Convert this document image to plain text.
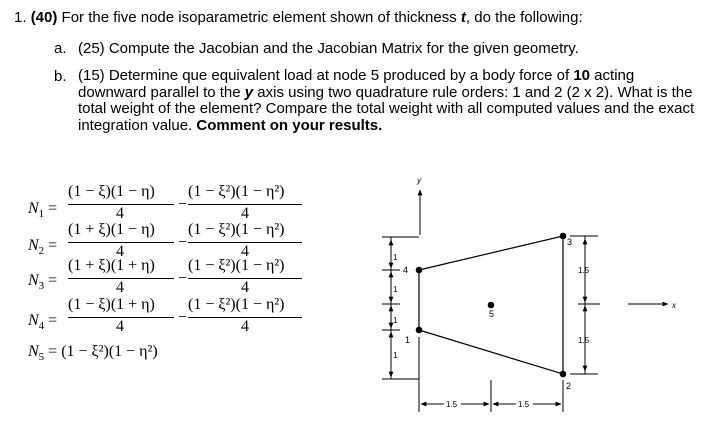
1. (40) For the five node isoparametric element shown of thickness t, do the following:
a. (25) Compute the Jacobian and the Jacobian Matrix for the given geometry.
b. (15) Determine que equivalent load at node 5 produced by a body force of 10 acting downward parallel to the y axis using two quadrature rule orders: 1 and 2 (2 x 2). What is the total weight of the element? Compare the total weight with all computed values and the exact integration value. Comment on your results.
$N_1$ =
(1 − ξ)(1 − η)
4
−
(1 − ξ²)(1 − η²)
4
$N_2$ =
(1 + ξ)(1 − η)
4
−
(1 − ξ²)(1 − η²)
4
$N_3$ =
(1 + ξ)(1 + η)
4
−
(1 − ξ²)(1 − η²)
4
$N_4$ =
(1 − ξ)(1 + η)
4
−
(1 − ξ²)(1 − η²)
4
$N_5 = (1 - \xi^2)(1 - \eta^2)$
y
x
1
2
3
4
5
1
1
1
1
1.5
1.5
1.5	1.5
